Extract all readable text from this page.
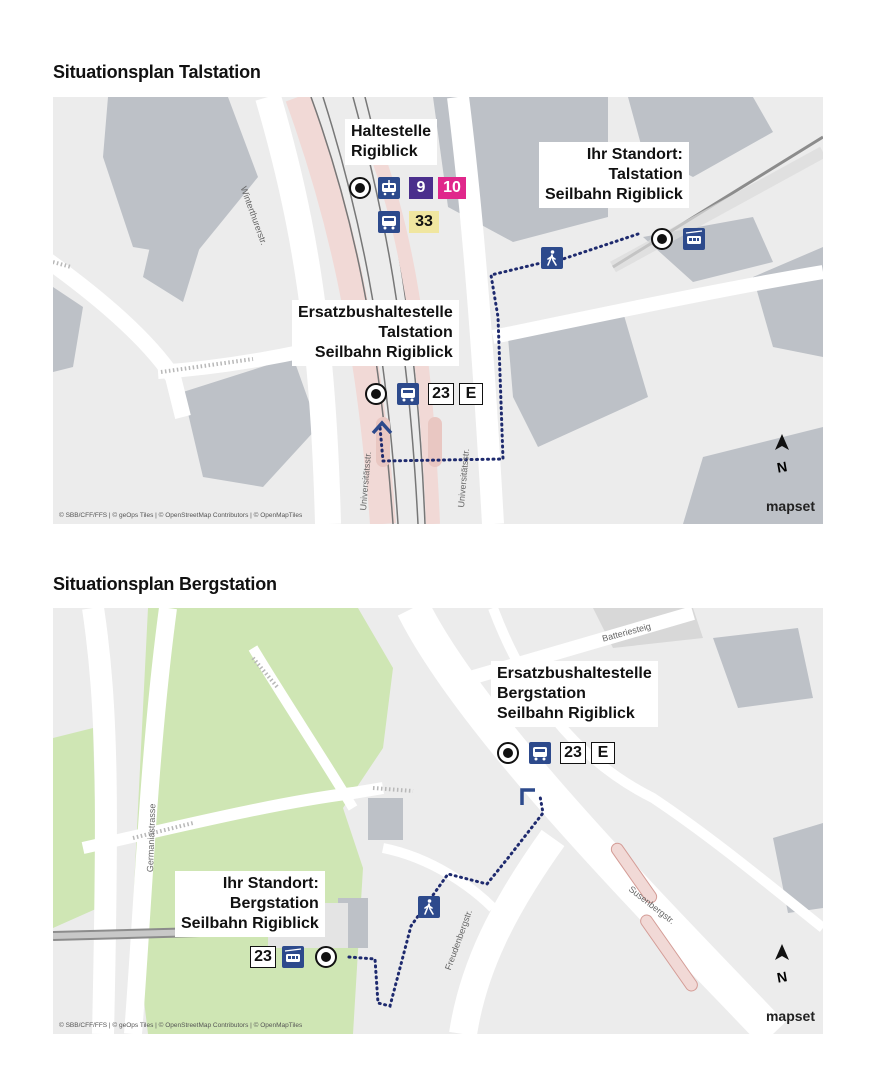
Situationsplan Talstation
Winterthurerstr.
Universitätsstr.	Universitätsstr.
Haltestelle
Rigiblick
9	10
33
Ihr Standort:
Talstation
Seilbahn Rigiblick
Ersatzbushaltestelle
Talstation
Seilbahn Rigiblick
23 E
N
mapset
© SBB/CFF/FFS | © geOps Tiles | © OpenStreetMap Contributors | © OpenMapTiles
Situationsplan Bergstation
Batteriesteig
Germaniastrasse
Freudenbergstr.
Susenbergstr.
Ersatzbushaltestelle
Bergstation
Seilbahn Rigiblick
23 E
Ihr Standort:
Bergstation
Seilbahn Rigiblick
23
N
mapset
© SBB/CFF/FFS | © geOps Tiles | © OpenStreetMap Contributors | © OpenMapTiles
